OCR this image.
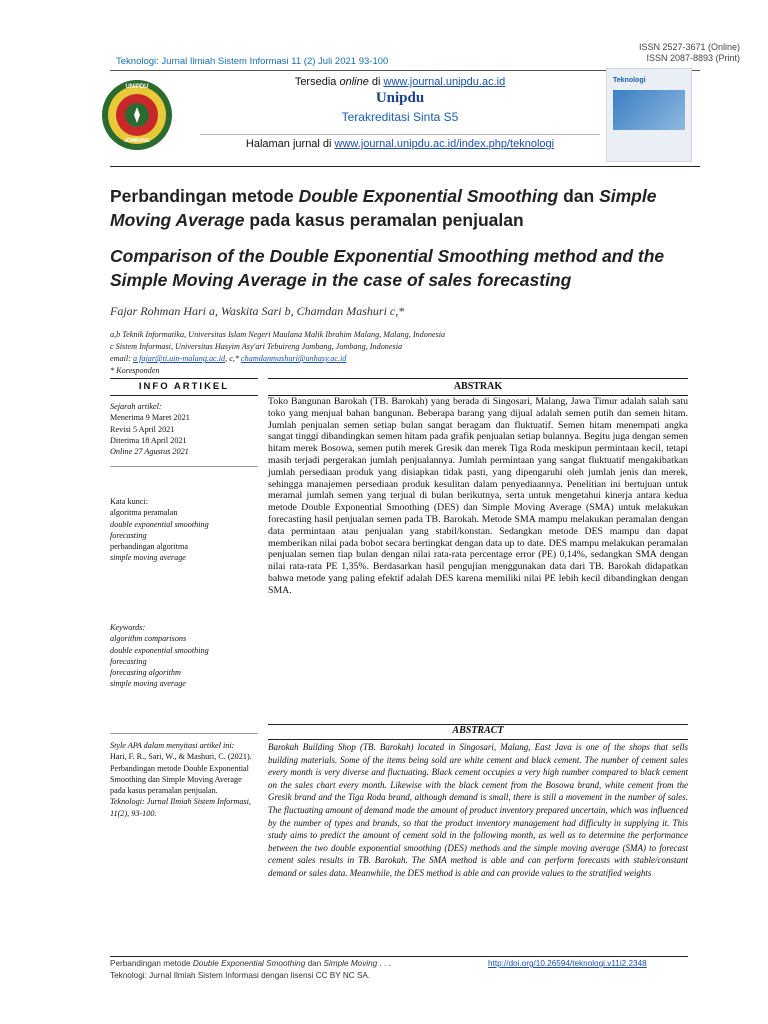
Teknologi: Jurnal Ilmiah Sistem Informasi 11 (2) Juli 2021 93-100
ISSN 2527-3671 (Online)
ISSN 2087-8893 (Print)
UNIPDU
JOMBANG
Tersedia online di www.journal.unipdu.ac.id
Unipdu
Terakreditasi Sinta S5
Halaman jurnal di www.journal.unipdu.ac.id/index.php/teknologi
Teknologi
Perbandingan metode Double Exponential Smoothing dan Simple Moving Average pada kasus peramalan penjualan
Comparison of the Double Exponential Smoothing method and the Simple Moving Average in the case of sales forecasting
Fajar Rohman Hari a, Waskita Sari b, Chamdan Mashuri c,*
a,b Teknik Informatika, Universitas Islam Negeri Maulana Malik Ibrahim Malang, Malang, Indonesia
c Sistem Informasi, Universitas Hasyim Asy'ari Tebuireng Jombang, Jombang, Indonesia
email: a fajar@ti.uin-malang.ac.id, c,* chamdanmashuri@unhasy.ac.id
* Koresponden
INFO ARTIKEL
Sejarah artikel:
Menerima 9 Maret 2021
Revisi 5 April 2021
Diterima 18 April 2021
Online 27 Agustus 2021
Kata kunci:
algoritma peramalan
double exponential smoothing
forecasting
perbandingan algoritma
simple moving average
Keywords:
algorithm comparisons
double exponential smoothing
forecasting
forecasting algorithm
simple moving average
Style APA dalam menyitasi artikel ini:
Hari, F. R., Sari, W., & Mashuri, C. (2021). Perbandingan metode Double Exponential Smoothing dan Simple Moving Average pada kasus peramalan penjualan.
Teknologi: Jurnal Ilmiah Sistem Informasi, 11(2), 93-100.
ABSTRAK
Toko Bangunan Barokah (TB. Barokah) yang berada di Singosari, Malang, Jawa Timur adalah salah satu toko yang menjual bahan bangunan. Beberapa barang yang dijual adalah semen putih dan semen hitam. Jumlah penjualan semen setiap bulan sangat beragam dan fluktuatif. Semen hitam menempati angka sangat tinggi dibandingkan semen hitam pada grafik penjualan setiap bulannya. Begitu juga dengan semen hitam merek Bosowa, semen putih merek Gresik dan merek Tiga Roda meskipun permintaan kecil, tetapi masih terjadi pergerakan jumlah penjualannya. Jumlah permintaan yang sangat fluktuatif mengakibatkan jumlah persediaan produk yang disiapkan tidak pasti, yang dipengaruhi oleh jumlah jenis dan merek, sehingga manajemen persediaan produk kesulitan dalam penyediaannya. Penelitian ini bertujuan untuk meramal jumlah semen yang terjual di bulan berikutnya, serta untuk mengetahui kinerja antara kedua metode Double Exponential Smoothing (DES) dan Simple Moving Average (SMA) untuk melakukan forecasting hasil penjualan semen pada TB. Barokah. Metode SMA mampu melakukan peramalan dengan data permintaan atau penjualan yang stabil/konstan. Sedangkan metode DES mampu dan dapat memberikan nilai pada bobot secara bertingkat dengan data up to date. DES mampu melakukan peramalan penjualan semen tiap bulan dengan nilai rata-rata percentage error (PE) 0,14%, sedangkan SMA dengan nilai rata-rata PE 1,35%. Berdasarkan hasil pengujian menggunakan data dari TB. Barokah didapatkan bahwa metode yang paling efektif adalah DES karena memiliki nilai PE lebih kecil dibandingkan dengan SMA.
ABSTRACT
Barokah Building Shop (TB. Barokah) located in Singosari, Malang, East Java is one of the shops that sells building materials. Some of the items being sold are white cement and black cement. The number of cement sales every month is very diverse and fluctuating. Black cement occupies a very high number compared to black cement on the sales chart every month. Likewise with the black cement from the Bosowa brand, white cement from the Gresik brand and the Tiga Roda brand, although demand is small, there is still a movement in the number of sales. The fluctuating amount of demand made the amount of product inventory prepared uncertain, which was influenced by the number of types and brands, so that the product inventory management had difficulty in supplying it. This study aims to predict the amount of cement sold in the following month, as well as to determine the performance between the two double exponential smoothing (DES) methods and the simple moving average (SMA) to forecast cement sales results in TB. Barokah. The SMA method is able and can perform forecasts with stable/constant demand or sales data. Meanwhile, the DES method is able and can provide values to the stratified weights
Perbandingan metode Double Exponential Smoothing dan Simple Moving . . .	http://doi.org/10.26594/teknologi.v11i2.2348
Teknologi: Jurnal Ilmiah Sistem Informasi dengan lisensi CC BY NC SA.
